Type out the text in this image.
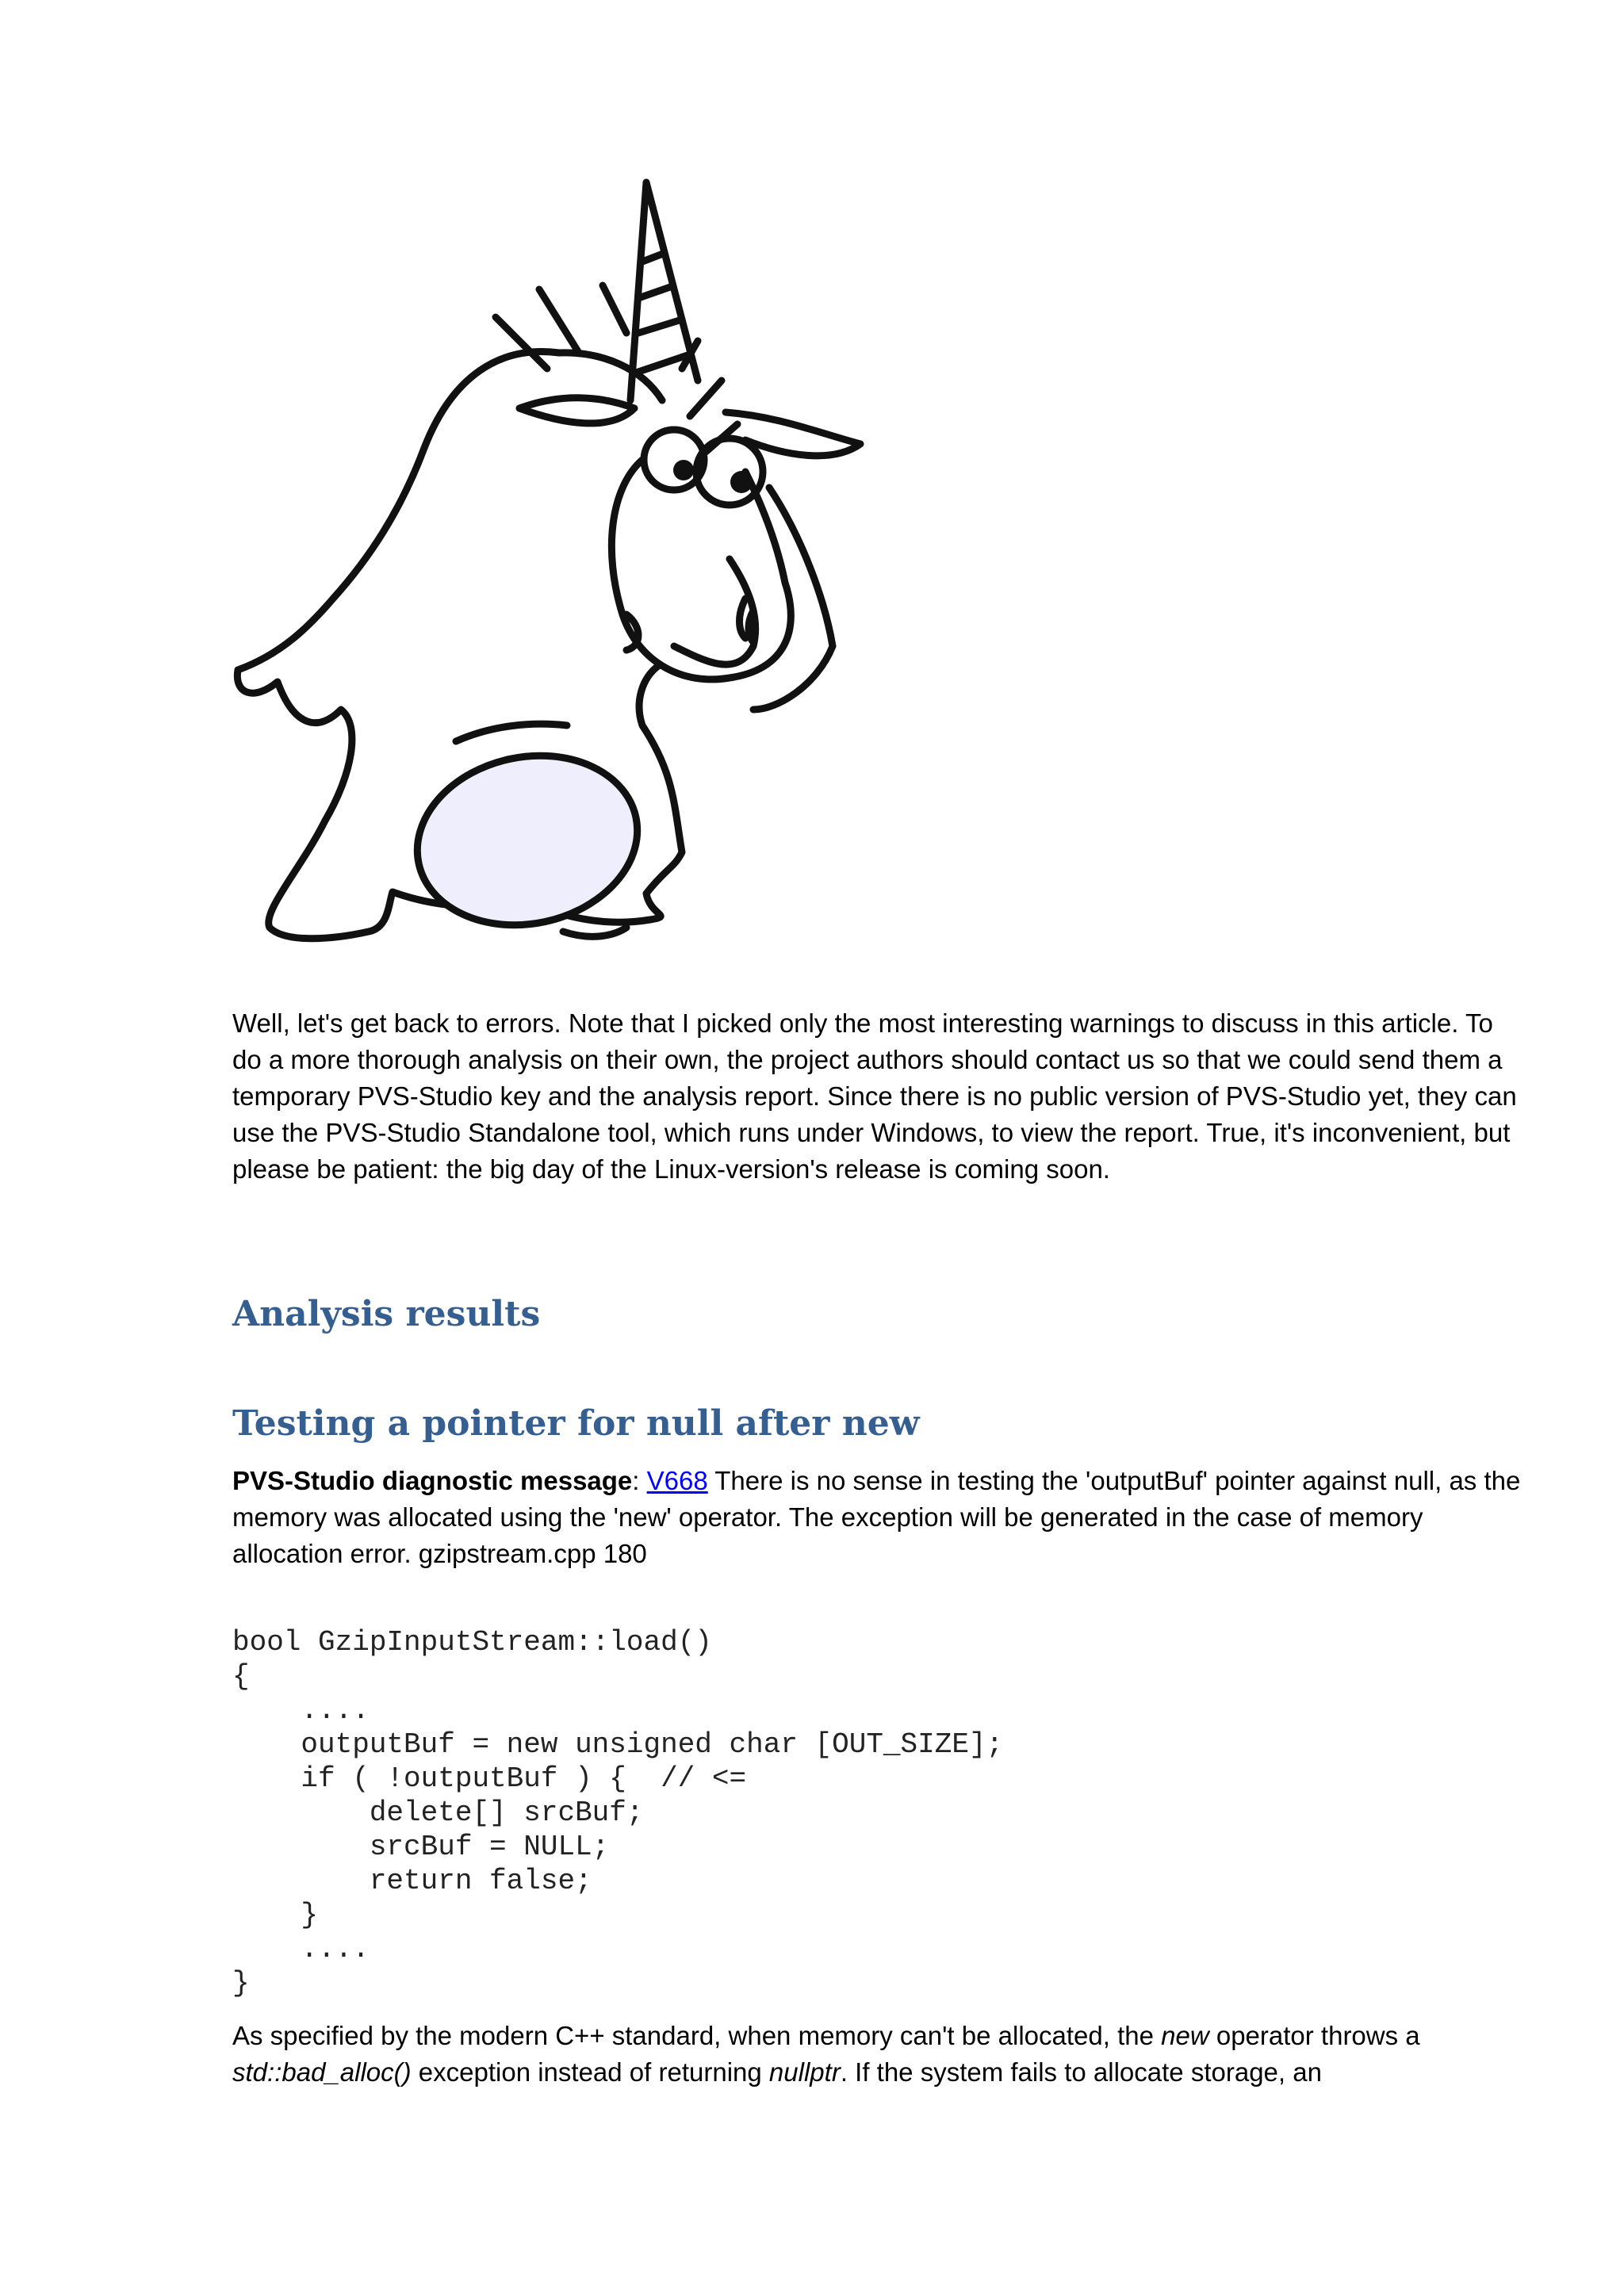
Well, let's get back to errors. Note that I picked only the most interesting warnings to discuss in this article. To do a more thorough analysis on their own, the project authors should contact us so that we could send them a temporary PVS-Studio key and the analysis report. Since there is no public version of PVS-Studio yet, they can use the PVS-Studio Standalone tool, which runs under Windows, to view the report. True, it's inconvenient, but please be patient: the big day of the Linux-version's release is coming soon.

Analysis results
Testing a pointer for null after new

PVS-Studio diagnostic message: V668 There is no sense in testing the 'outputBuf' pointer against null, as the memory was allocated using the 'new' operator. The exception will be generated in the case of memory allocation error. gzipstream.cpp 180

bool GzipInputStream::load()
{
....
outputBuf = new unsigned char [OUT_SIZE];
if ( !outputBuf ) {  // <=
delete[] srcBuf;
srcBuf = NULL;
return false;
}
....
}

As specified by the modern C++ standard, when memory can't be allocated, the new operator throws a std::bad_alloc() exception instead of returning nullptr. If the system fails to allocate storage, an
